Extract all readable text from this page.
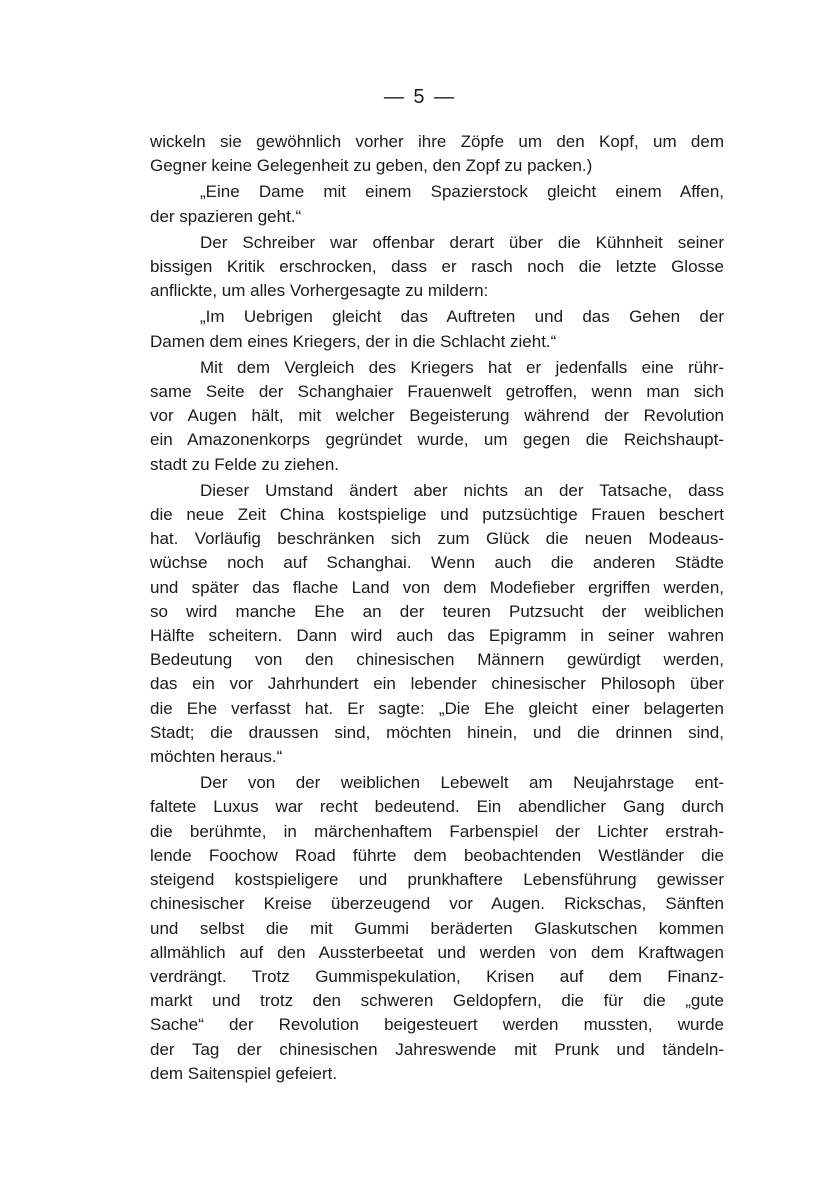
— 5 —

wickeln sie gewöhnlich vorher ihre Zöpfe um den Kopf, um dem
Gegner keine Gelegenheit zu geben, den Zopf zu packen.)

„Eine Dame mit einem Spazierstock gleicht einem Affen,
der spazieren geht.“

Der Schreiber war offenbar derart über die Kühnheit seiner
bissigen Kritik erschrocken, dass er rasch noch die letzte Glosse
anflickte, um alles Vorhergesagte zu mildern:

„Im Uebrigen gleicht das Auftreten und das Gehen der
Damen dem eines Kriegers, der in die Schlacht zieht.“

Mit dem Vergleich des Kriegers hat er jedenfalls eine rühr-
same Seite der Schanghaier Frauenwelt getroffen, wenn man sich
vor Augen hält, mit welcher Begeisterung während der Revolution
ein Amazonenkorps gegründet wurde, um gegen die Reichshaupt-
stadt zu Felde zu ziehen.

Dieser Umstand ändert aber nichts an der Tatsache, dass
die neue Zeit China kostspielige und putzsüchtige Frauen beschert
hat. Vorläufig beschränken sich zum Glück die neuen Modeaus-
wüchse noch auf Schanghai. Wenn auch die anderen Städte
und später das flache Land von dem Modefieber ergriffen werden,
so wird manche Ehe an der teuren Putzsucht der weiblichen
Hälfte scheitern. Dann wird auch das Epigramm in seiner wahren
Bedeutung von den chinesischen Männern gewürdigt werden,
das ein vor Jahrhundert ein lebender chinesischer Philosoph über
die Ehe verfasst hat. Er sagte: „Die Ehe gleicht einer belagerten
Stadt; die draussen sind, möchten hinein, und die drinnen sind,
möchten heraus.“

Der von der weiblichen Lebewelt am Neujahrstage ent-
faltete Luxus war recht bedeutend. Ein abendlicher Gang durch
die berühmte, in märchenhaftem Farbenspiel der Lichter erstrah-
lende Foochow Road führte dem beobachtenden Westländer die
steigend kostspieligere und prunkhaftere Lebensführung gewisser
chinesischer Kreise überzeugend vor Augen. Rickschas, Sänften
und selbst die mit Gummi beräderten Glaskutschen kommen
allmählich auf den Aussterbeetat und werden von dem Kraftwagen
verdrängt. Trotz Gummispekulation, Krisen auf dem Finanz-
markt und trotz den schweren Geldopfern, die für die „gute
Sache“ der Revolution beigesteuert werden mussten, wurde
der Tag der chinesischen Jahreswende mit Prunk und tändeln-
dem Saitenspiel gefeiert.
